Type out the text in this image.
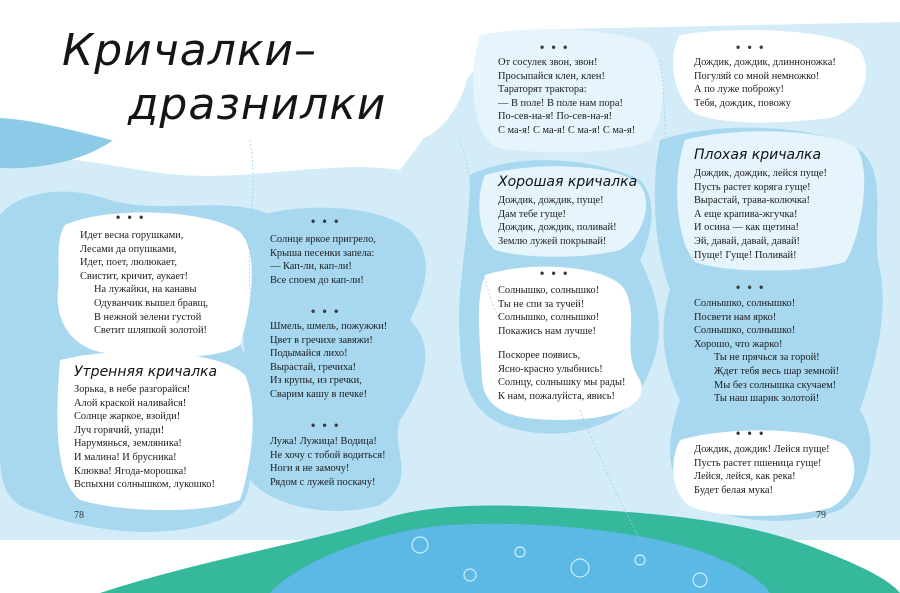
Кричалки–
дразнилки
• • •
Идет весна горушками,
Лесами да опушками,
Идет, поет, люлюкает,
Свистит, кричит, аукает!
На лужайки, на канавы
Одуванчик вышел бравщ,
В нежной зелени густой
Светит шляпкой золотой!
Утренняя кричалка
Зорька, в небе разгорайся!
Алой краской наливайся!
Солнце жаркое, взойди!
Луч горячий, упади!
Нарумянься, земляника!
И малина! И брусника!
Клюква! Ягода-морошка!
Вспыхни солнышком, лукошко!
• • •
Солнце яркое пригрело,
Крыша песенки запела:
— Кап-ли, кап-ли!
Все споем до кап-ли!
• • •
Шмель, шмель, пожужжи!
Цвет в гречихе завяжи!
Подымайся лихо!
Вырастай, гречиха!
Из крупы, из гречки,
Сварим кашу в печке!
• • •
Лужа! Лужица! Водица!
Не хочу с тобой водиться!
Ноги я не замочу!
Рядом с лужей поскачу!
78
• • •
От сосулек звон, звон!
Просыпайся клен, клен!
Тараторят трактора:
— В поле! В поле нам пора!
По-сев-на-я! По-сев-на-я!
С ма-я! С ма-я! С ма-я! С ма-я!
Хорошая кричалка
Дождик, дождик, пуще!
Дам тебе гуще!
Дождик, дождик, поливай!
Землю лужей покрывай!
• • •
Солнышко, солнышко!
Ты не спи за тучей!
Солнышко, солнышко!
Покажись нам лучше!
Поскорее появись,
Ясно-красно улыбнись!
Солнцу, солнышку мы рады!
К нам, пожалуйста, явись!
• • •
Дождик, дождик, длинноножка!
Погуляй со мной немножко!
А по луже поброжу!
Тебя, дождик, повожу
Плохая кричалка
Дождик, дождик, лейся пуще!
Пусть растет коряга гуще!
Вырастай, трава-колючка!
А еще крапива-жгучка!
И осина — как щетина!
Эй, давай, давай, давай!
Пуще! Гуще! Поливай!
• • •
Солнышко, солнышко!
Посвети нам ярко!
Солнышко, солнышко!
Хорошо, что жарко!
Ты не прячься за горой!
Ждет тебя весь шар земной!
Мы без солнышка скучаем!
Ты наш шарик золотой!
• • •
Дождик, дождик! Лейся пуще!
Пусть растет пшеница гуще!
Лейся, лейся, как река!
Будет белая мука!
79
